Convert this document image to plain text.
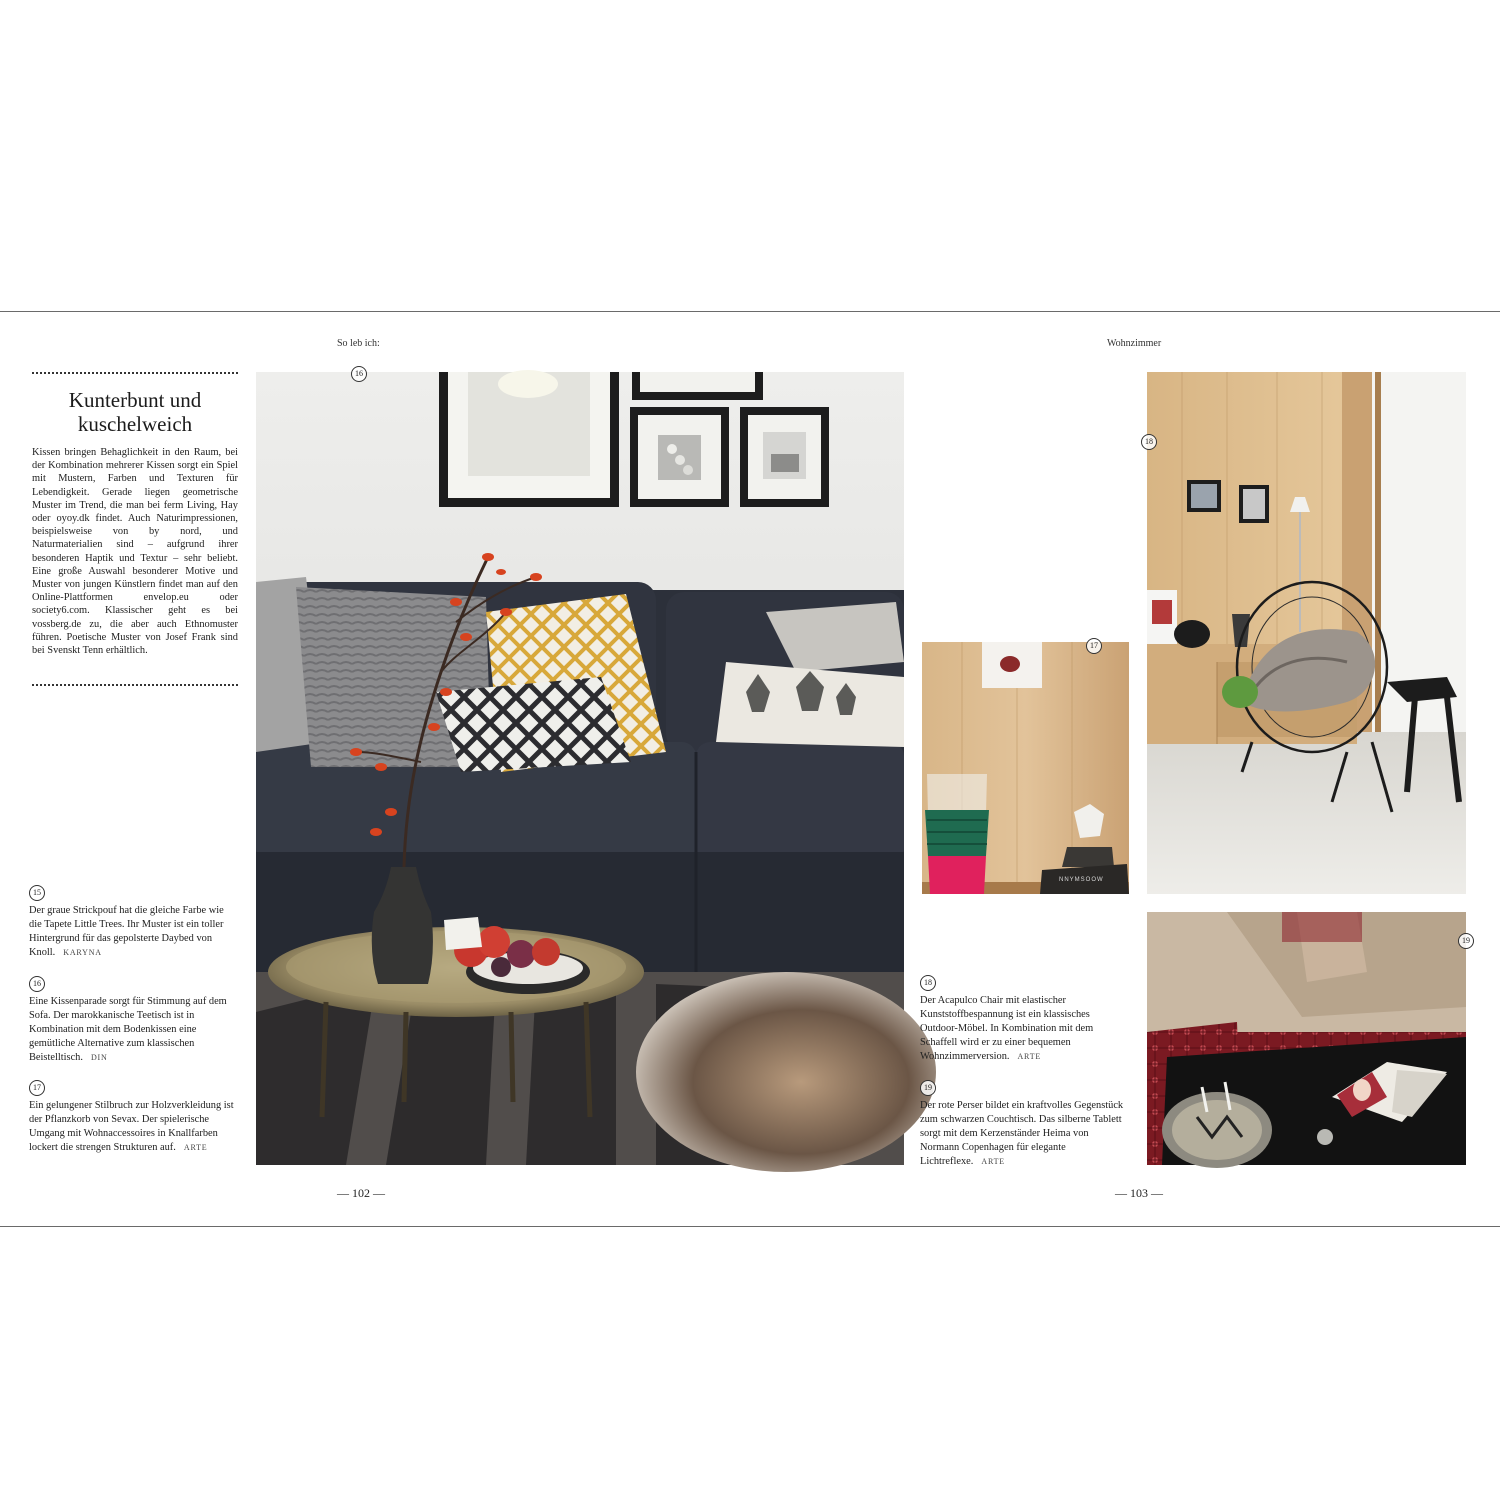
So leb ich:	Wohnzimmer
Kunterbunt und
kuschelweich

Kissen bringen Behaglichkeit in den Raum, bei der Kombination mehrerer Kissen sorgt ein Spiel mit Mustern, Farben und Texturen für Lebendigkeit. Gerade liegen geometrische Muster im Trend, die man bei ferm Living, Hay oder oyoy.dk findet. Auch Naturimpressionen, beispielsweise von by nord, und Naturmaterialien sind – aufgrund ihrer besonderen Haptik und Textur – sehr beliebt. Eine große Auswahl besonderer Motive und Muster von jungen Künstlern findet man auf den Online-Plattformen envelop.eu oder society6.com. Klassischer geht es bei vossberg.de zu, die aber auch Ethnomuster führen. Poetische Muster von Josef Frank sind bei Svenskt Tenn erhältlich.

15

Der graue Strickpouf hat die gleiche Farbe wie die Tapete Little Trees. Ihr Muster ist ein toller Hintergrund für das gepolsterte Daybed von Knoll. KARYNA

16

Eine Kissenparade sorgt für Stimmung auf dem Sofa. Der marokkanische Teetisch ist in Kombination mit dem Bodenkissen eine gemütliche Alternative zum klassischen Beistelltisch. DIN

17

Ein gelungener Stilbruch zur Holzverkleidung ist der Pflanzkorb von Sevax. Der spielerische Umgang mit Wohnaccessoires in Knallfarben lockert die strengen Strukturen auf. ARTE

16
NNYMSOOW
17
18
19
18

Der Acapulco Chair mit elastischer Kunststoffbespannung ist ein klassisches Outdoor-Möbel. In Kombination mit dem Schaffell wird er zu einer bequemen Wohnzimmerversion. ARTE

19

Der rote Perser bildet ein kraftvolles Gegenstück zum schwarzen Couchtisch. Das silberne Tablett sorgt mit dem Kerzenständer Heima von Normann Copenhagen für elegante Lichtreflexe. ARTE

— 102 —	— 103 —
